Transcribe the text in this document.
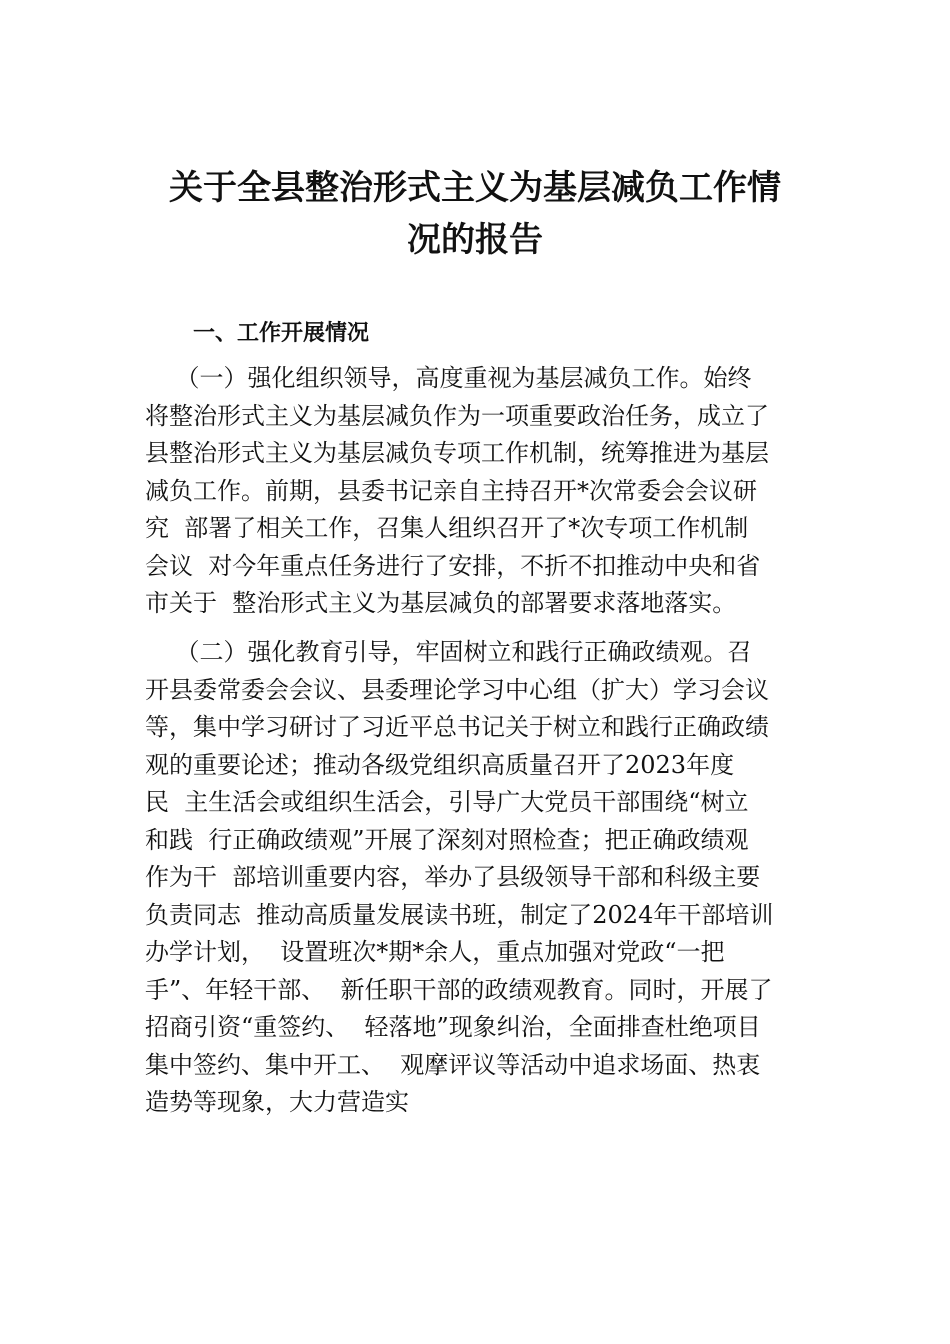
关于全县整治形式主义为基层减负工作情
况的报告
一、工作开展情况
（一）强化组织领导，高度重视为基层减负工作。始终
将整治形式主义为基层减负作为一项重要政治任务，成立了
县整治形式主义为基层减负专项工作机制，统筹推进为基层
减负工作。前期，县委书记亲自主持召开*次常委会会议研
究  部署了相关工作，召集人组织召开了*次专项工作机制
会议  对今年重点任务进行了安排，不折不扣推动中央和省
市关于  整治形式主义为基层减负的部署要求落地落实。
（二）强化教育引导，牢固树立和践行正确政绩观。召
开县委常委会会议、县委理论学习中心组（扩大）学习会议
等，集中学习研讨了习近平总书记关于树立和践行正确政绩
观的重要论述；推动各级党组织高质量召开了2023年度
民  主生活会或组织生活会，引导广大党员干部围绕“树立
和践  行正确政绩观”开展了深刻对照检查；把正确政绩观
作为干  部培训重要内容，举办了县级领导干部和科级主要
负责同志  推动高质量发展读书班，制定了2024年干部培训
办学计划，  设置班次*期*余人，重点加强对党政“一把
手”、年轻干部、  新任职干部的政绩观教育。同时，开展了
招商引资“重签约、  轻落地”现象纠治，全面排查杜绝项目
集中签约、集中开工、  观摩评议等活动中追求场面、热衷
造势等现象，大力营造实
